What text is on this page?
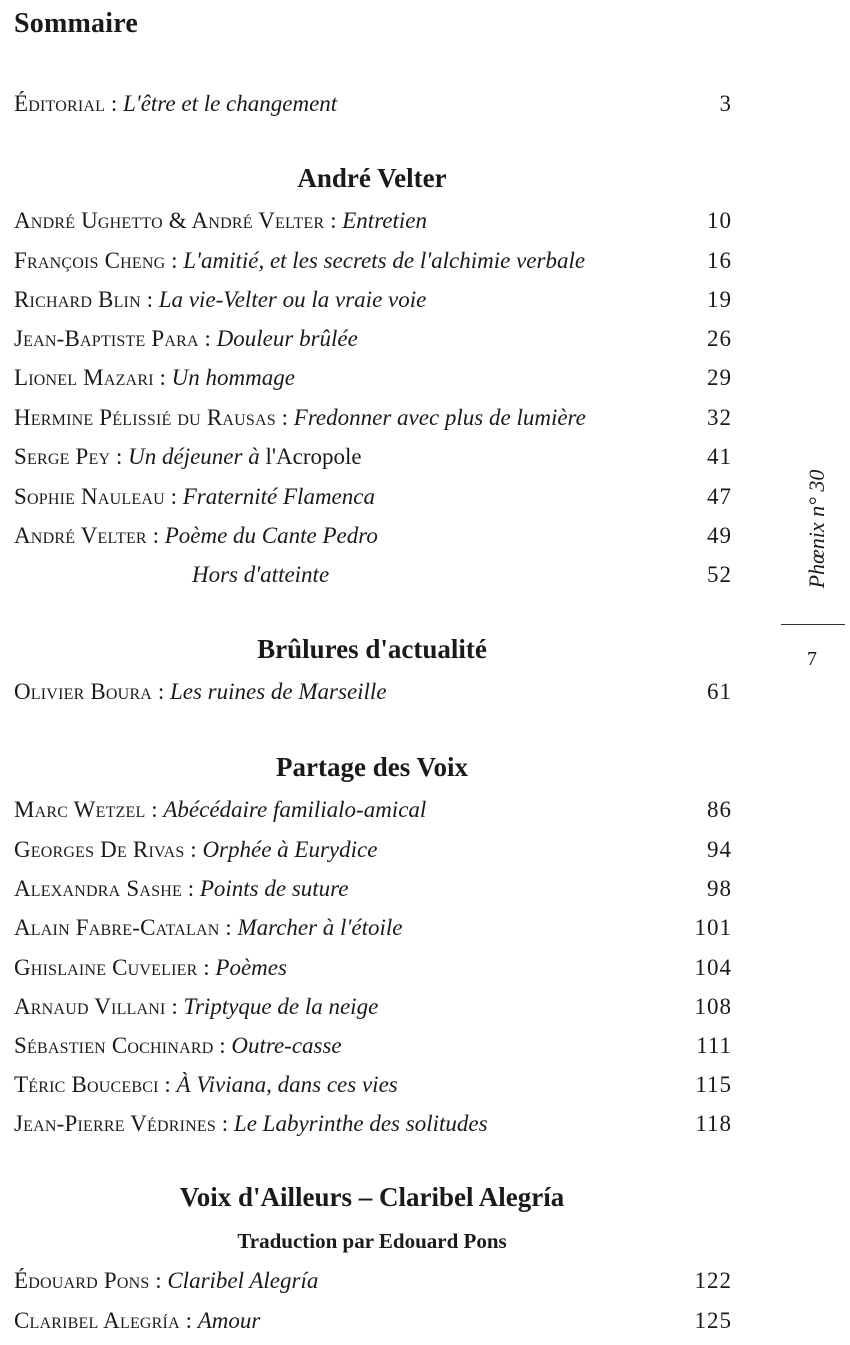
Sommaire
Éditorial : L'être et le changement	3
André Velter
André Ughetto & André Velter : Entretien	10
François Cheng : L'amitié, et les secrets de l'alchimie verbale	16
Richard Blin : La vie-Velter ou la vraie voie	19
Jean-Baptiste Para : Douleur brûlée	26
Lionel Mazari : Un hommage	29
Hermine Pélissié du Rausas : Fredonner avec plus de lumière	32
Serge Pey : Un déjeuner à l'Acropole	41
Sophie Nauleau : Fraternité Flamenca	47
André Velter : Poème du Cante Pedro	49
Hors d'atteinte	52
Brûlures d'actualité
Olivier Boura : Les ruines de Marseille	61
Partage des Voix
Marc Wetzel : Abécédaire familialo-amical	86
Georges De Rivas : Orphée à Eurydice	94
Alexandra Sashe : Points de suture	98
Alain Fabre-Catalan : Marcher à l'étoile	101
Ghislaine Cuvelier : Poèmes	104
Arnaud Villani : Triptyque de la neige	108
Sébastien Cochinard : Outre-casse	111
Téric Boucebci : À Viviana, dans ces vies	115
Jean-Pierre Védrines : Le Labyrinthe des solitudes	118
Voix d'Ailleurs – Claribel Alegría
Traduction par Edouard Pons
Édouard Pons : Claribel Alegría	122
Claribel Alegría : Amour	125
Phœnix n° 30
7
